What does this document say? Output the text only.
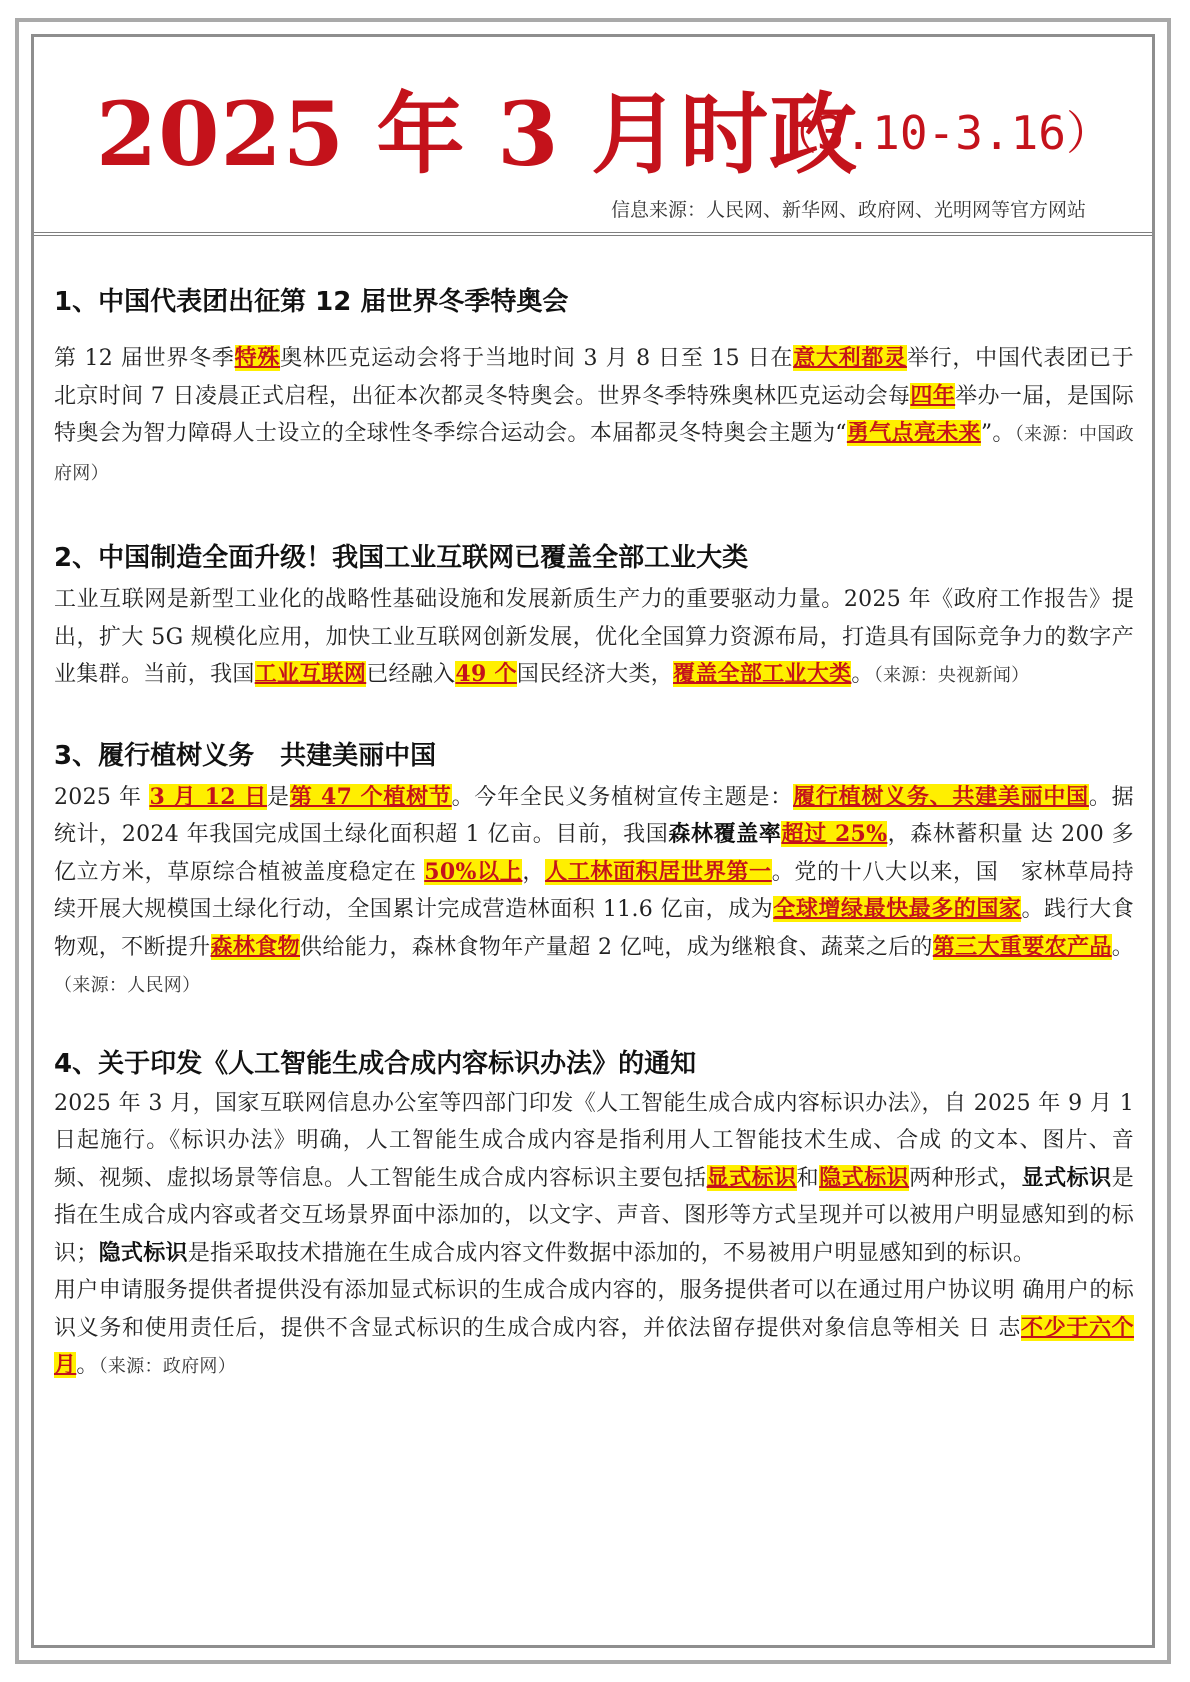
2025 年 3 月时政
（3.10-3.16）
信息来源：人民网、新华网、政府网、光明网等官方网站
1、中国代表团出征第 12 届世界冬季特奥会

第 12 届世界冬季特殊奥林匹克运动会将于当地时间 3 月 8 日至 15 日在意大利都灵举行，中国代表团已于北京时间 7 日凌晨正式启程，出征本次都灵冬特奥会。世界冬季特殊奥林匹克运动会每四年举办一届，是国际特奥会为智力障碍人士设立的全球性冬季综合运动会。本届都灵冬特奥会主题为“勇气点亮未来”。（来源：中国政府网）

2、中国制造全面升级！我国工业互联网已覆盖全部工业大类

工业互联网是新型工业化的战略性基础设施和发展新质生产力的重要驱动力量。2025 年《政府工作报告》提出，扩大 5G 规模化应用，加快工业互联网创新发展，优化全国算力资源布局，打造具有国际竞争力的数字产业集群。当前，我国工业互联网已经融入49 个国民经济大类，覆盖全部工业大类。（来源：央视新闻）

3、履行植树义务　共建美丽中国

2025 年 3 月 12 日是第 47 个植树节。今年全民义务植树宣传主题是：履行植树义务、共建美丽中国。据统计，2024 年我国完成国土绿化面积超 1 亿亩。目前，我国森林覆盖率超过 25%，森林蓄积量 达 200 多亿立方米，草原综合植被盖度稳定在 50%以上，人工林面积居世界第一。党的十八大以来，国　家林草局持续开展大规模国土绿化行动，全国累计完成营造林面积 11.6 亿亩，成为全球增绿最快最多的国家。践行大食物观，不断提升森林食物供给能力，森林食物年产量超 2 亿吨，成为继粮食、蔬菜之后的第三大重要农产品。（来源：人民网）

4、关于印发《人工智能生成合成内容标识办法》的通知

2025 年 3 月，国家互联网信息办公室等四部门印发《人工智能生成合成内容标识办法》，自 2025 年 9 月 1 日起施行。《标识办法》明确，人工智能生成合成内容是指利用人工智能技术生成、合成 的文本、图片、音频、视频、虚拟场景等信息。人工智能生成合成内容标识主要包括显式标识和隐式标识两种形式，显式标识是指在生成合成内容或者交互场景界面中添加的，以文字、声音、图形等方式呈现并可以被用户明显感知到的标识；隐式标识是指采取技术措施在生成合成内容文件数据中添加的，不易被用户明显感知到的标识。

用户申请服务提供者提供没有添加显式标识的生成合成内容的，服务提供者可以在通过用户协议明 确用户的标识义务和使用责任后，提供不含显式标识的生成合成内容，并依法留存提供对象信息等相关 日 志不少于六个月。（来源：政府网）
